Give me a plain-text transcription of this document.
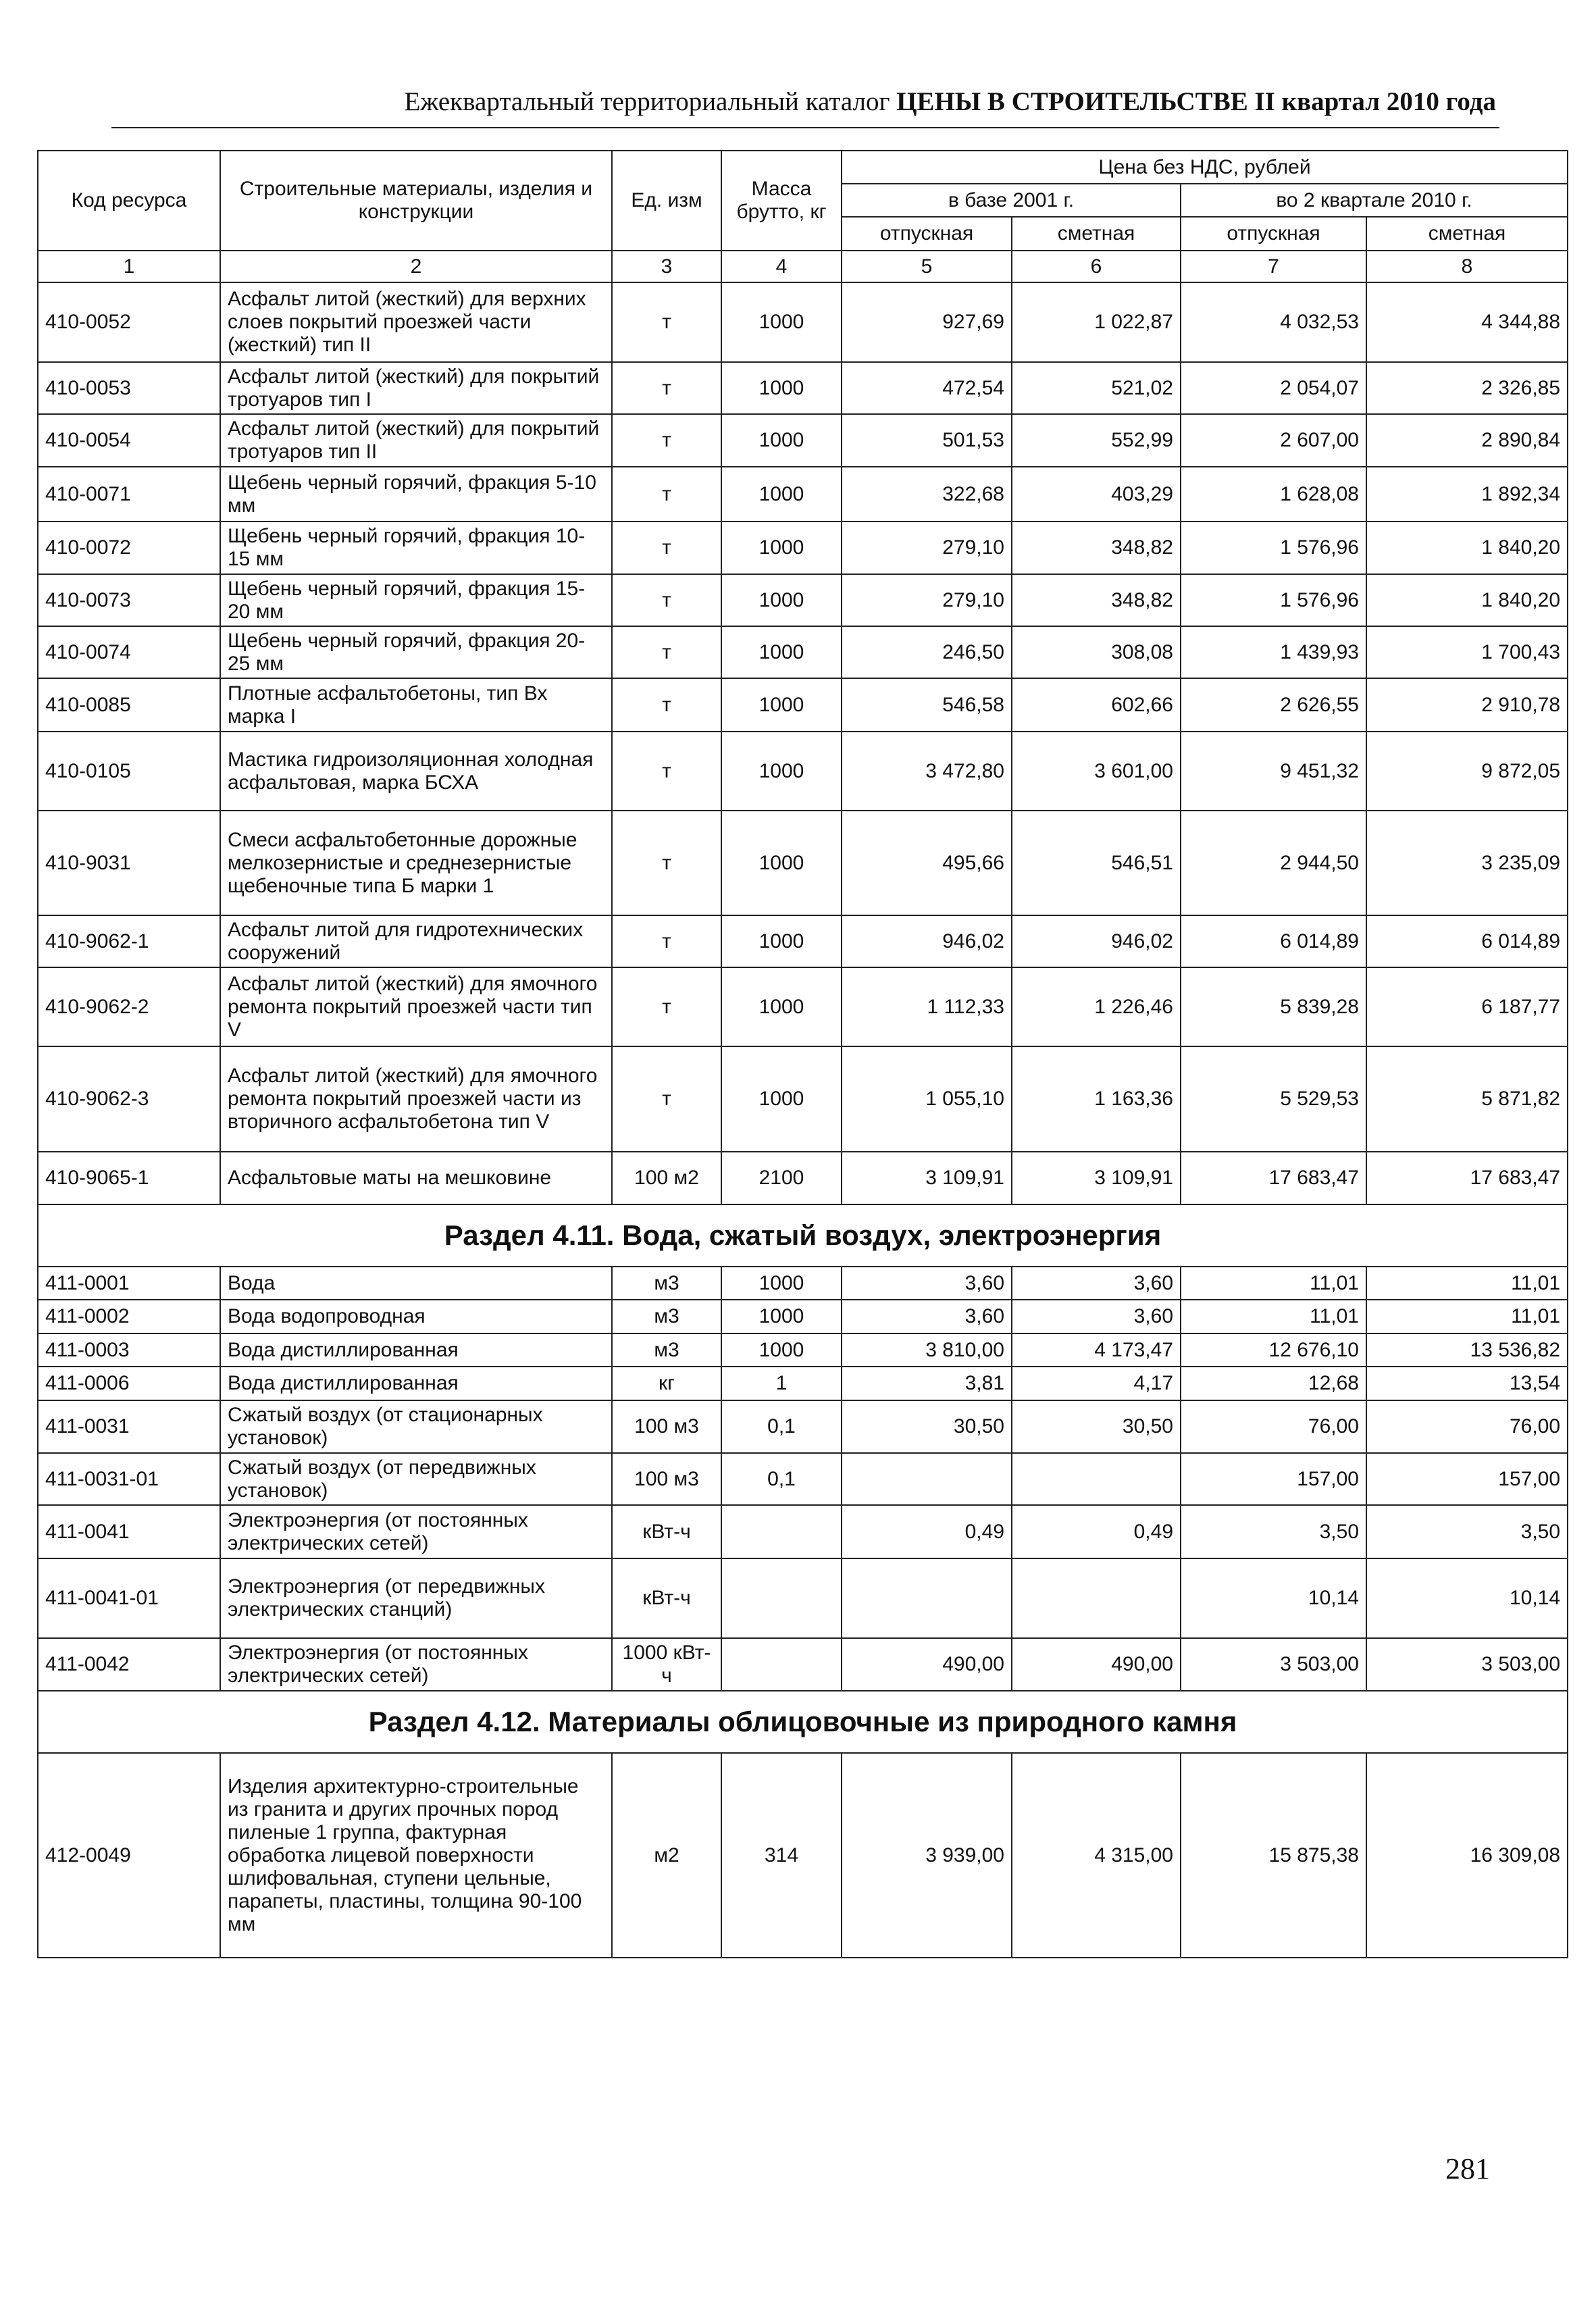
Ежеквартальный территориальный каталог ЦЕНЫ В СТРОИТЕЛЬСТВЕ II квартал 2010 года
Код ресурса	Строительные материалы, изделия и конструкции	Ед. изм	Масса брутто, кг	Цена без НДС, рублей			
				в базе 2001 г.		во 2 квартале 2010 г.	
				отпускная	сметная	отпускная	сметная
1	2	3	4	5	6	7	8
410-0052	Асфальт литой (жесткий) для верхних слоев покрытий проезжей части (жесткий) тип II	т	1000	927,69	1 022,87	4 032,53	4 344,88
410-0053	Асфальт литой (жесткий) для покрытий тротуаров тип I	т	1000	472,54	521,02	2 054,07	2 326,85
410-0054	Асфальт литой (жесткий) для покрытий тротуаров тип II	т	1000	501,53	552,99	2 607,00	2 890,84
410-0071	Щебень черный горячий, фракция 5-10 мм	т	1000	322,68	403,29	1 628,08	1 892,34
410-0072	Щебень черный горячий, фракция 10-15 мм	т	1000	279,10	348,82	1 576,96	1 840,20
410-0073	Щебень черный горячий, фракция 15-20 мм	т	1000	279,10	348,82	1 576,96	1 840,20
410-0074	Щебень черный горячий, фракция 20-25 мм	т	1000	246,50	308,08	1 439,93	1 700,43
410-0085	Плотные асфальтобетоны, тип Вх марка I	т	1000	546,58	602,66	2 626,55	2 910,78
410-0105	Мастика гидроизоляционная холодная асфальтовая, марка БСХА	т	1000	3 472,80	3 601,00	9 451,32	9 872,05
410-9031	Смеси асфальтобетонные дорожные мелкозернистые и среднезернистые щебеночные типа Б марки 1	т	1000	495,66	546,51	2 944,50	3 235,09
410-9062-1	Асфальт литой для гидротехнических сооружений	т	1000	946,02	946,02	6 014,89	6 014,89
410-9062-2	Асфальт литой (жесткий) для ямочного ремонта покрытий проезжей части тип V	т	1000	1 112,33	1 226,46	5 839,28	6 187,77
410-9062-3	Асфальт литой (жесткий) для ямочного ремонта покрытий проезжей части из вторичного асфальтобетона тип V	т	1000	1 055,10	1 163,36	5 529,53	5 871,82
410-9065-1	Асфальтовые маты на мешковине	100 м2	2100	3 109,91	3 109,91	17 683,47	17 683,47
Раздел 4.11. Вода, сжатый воздух, электроэнергия							
411-0001	Вода	м3	1000	3,60	3,60	11,01	11,01
411-0002	Вода водопроводная	м3	1000	3,60	3,60	11,01	11,01
411-0003	Вода дистиллированная	м3	1000	3 810,00	4 173,47	12 676,10	13 536,82
411-0006	Вода дистиллированная	кг	1	3,81	4,17	12,68	13,54
411-0031	Сжатый воздух (от стационарных установок)	100 м3	0,1	30,50	30,50	76,00	76,00
411-0031-01	Сжатый воздух (от передвижных установок)	100 м3	0,1			157,00	157,00
411-0041	Электроэнергия (от постоянных электрических сетей)	кВт-ч		0,49	0,49	3,50	3,50
411-0041-01	Электроэнергия (от передвижных электрических станций)	кВт-ч				10,14	10,14
411-0042	Электроэнергия (от постоянных электрических сетей)	1000 кВт-ч		490,00	490,00	3 503,00	3 503,00
Раздел 4.12. Материалы облицовочные из природного камня							
412-0049	Изделия архитектурно-строительные из гранита и других прочных пород пиленые 1 группа, фактурная обработка лицевой поверхности шлифовальная, ступени цельные, парапеты, пластины, толщина 90-100 мм	м2	314	3 939,00	4 315,00	15 875,38	16 309,08
281
